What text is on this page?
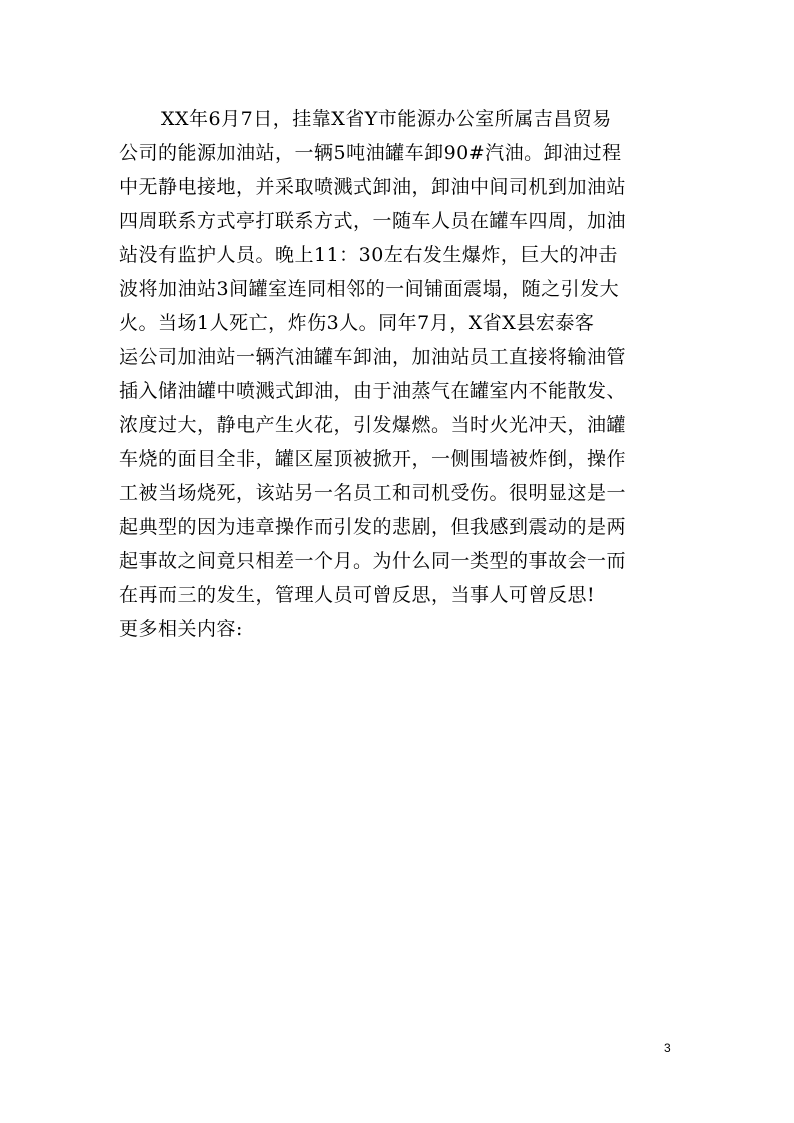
XX年6月7日，挂靠X省Y市能源办公室所属吉昌贸易
公司的能源加油站，一辆5吨油罐车卸90#汽油。卸油过程
中无静电接地，并采取喷溅式卸油，卸油中间司机到加油站
四周联系方式亭打联系方式，一随车人员在罐车四周，加油
站没有监护人员。晚上11：30左右发生爆炸，巨大的冲击
波将加油站3间罐室连同相邻的一间铺面震塌，随之引发大
火。当场1人死亡，炸伤3人。同年7月，X省X县宏泰客
运公司加油站一辆汽油罐车卸油，加油站员工直接将输油管
插入储油罐中喷溅式卸油，由于油蒸气在罐室内不能散发、
浓度过大，静电产生火花，引发爆燃。当时火光冲天，油罐
车烧的面目全非，罐区屋顶被掀开，一侧围墙被炸倒，操作
工被当场烧死，该站另一名员工和司机受伤。很明显这是一
起典型的因为违章操作而引发的悲剧，但我感到震动的是两
起事故之间竟只相差一个月。为什么同一类型的事故会一而
在再而三的发生，管理人员可曾反思，当事人可曾反思!
更多相关内容:
3
